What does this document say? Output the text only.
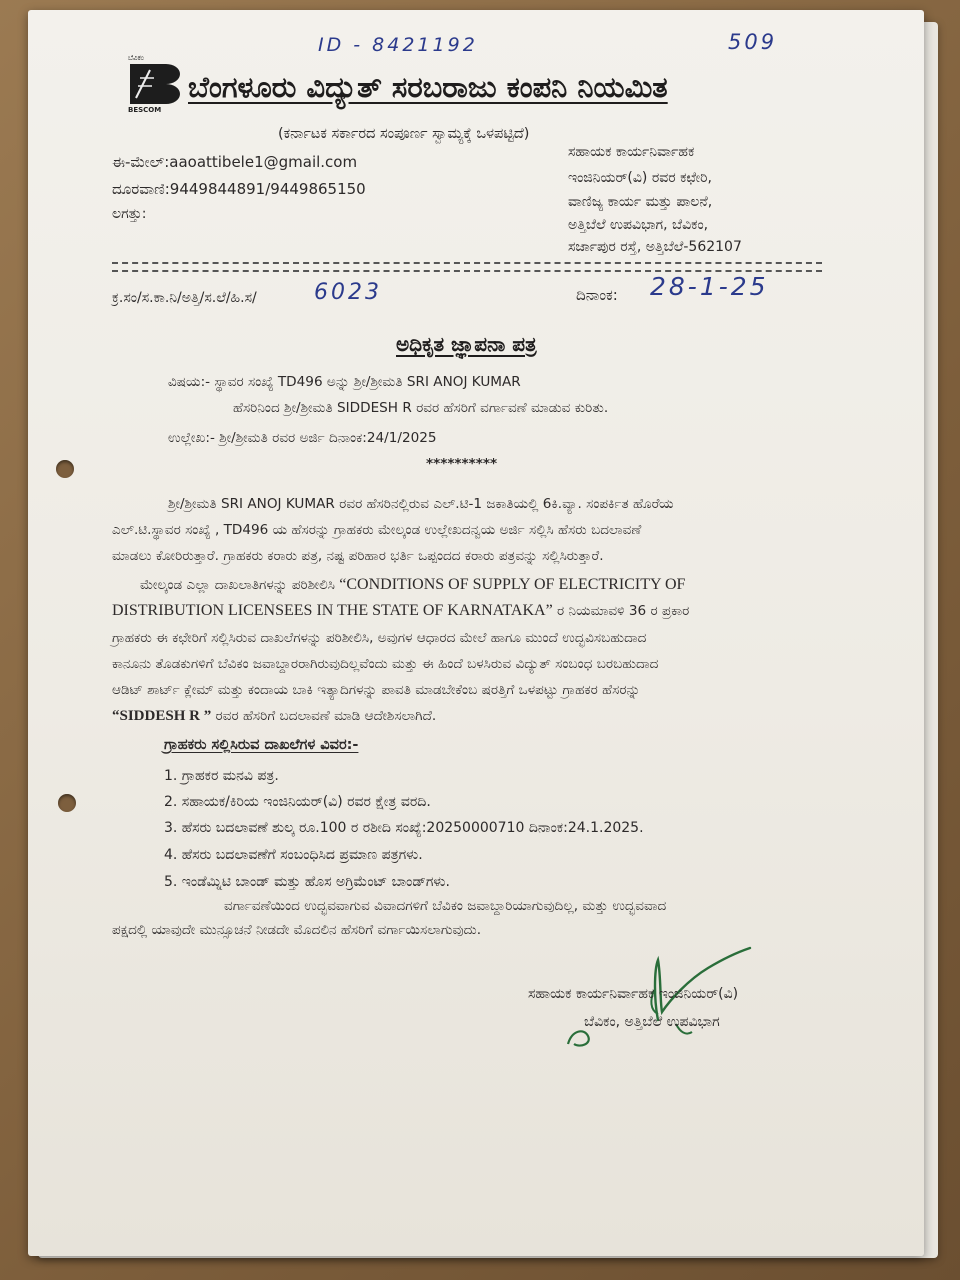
ID - 8421192	509
ಬೆವಿಕಂ
BESCOM
ಬೆಂಗಳೂರು ವಿದ್ಯುತ್ ಸರಬರಾಜು ಕಂಪನಿ ನಿಯಮಿತ
(ಕರ್ನಾಟಕ ಸರ್ಕಾರದ ಸಂಪೂರ್ಣ ಸ್ವಾಮ್ಯಕ್ಕೆ ಒಳಪಟ್ಟಿದೆ)
ಈ-ಮೇಲ್:aaoattibele1@gmail.com
ದೂರವಾಣಿ:9449844891/9449865150
ಲಗತ್ತು:
ಸಹಾಯಕ ಕಾರ್ಯನಿರ್ವಾಹಕ
ಇಂಜಿನಿಯರ್(ವಿ) ರವರ ಕಛೇರಿ,
ವಾಣಿಜ್ಯ ಕಾರ್ಯ ಮತ್ತು ಪಾಲನೆ,
ಅತ್ತಿಬೆಲೆ ಉಪವಿಭಾಗ, ಬೆವಿಕಂ,
ಸರ್ಜಾಪುರ ರಸ್ತೆ, ಅತ್ತಿಬೆಲೆ-562107
ಕ್ರ.ಸಂ/ಸ.ಕಾ.ನಿ/ಅತ್ತಿ/ಸ.ಲೆ/ಹಿ.ಸ/	6023	ದಿನಾಂಕ: 28-1-25
ಅಧಿಕೃತ ಜ್ಞಾಪನಾ ಪತ್ರ
ವಿಷಯ:- ಸ್ಥಾವರ ಸಂಖ್ಯೆ TD496 ಅನ್ನು ಶ್ರೀ/ಶ್ರೀಮತಿ SRI ANOJ KUMAR
ಹೆಸರಿನಿಂದ ಶ್ರೀ/ಶ್ರೀಮತಿ SIDDESH R ರವರ ಹೆಸರಿಗೆ ವರ್ಗಾವಣೆ ಮಾಡುವ ಕುರಿತು.
ಉಲ್ಲೇಖ:- ಶ್ರೀ/ಶ್ರೀಮತಿ ರವರ ಅರ್ಜಿ ದಿನಾಂಕ:24/1/2025
**********
ಶ್ರೀ/ಶ್ರೀಮತಿ SRI ANOJ KUMAR ರವರ ಹೆಸರಿನಲ್ಲಿರುವ ಎಲ್.ಟಿ-1 ಜಕಾತಿಯಲ್ಲಿ 6ಕಿ.ವ್ಯಾ. ಸಂಪರ್ಕಿತ ಹೊರೆಯ
ಎಲ್.ಟಿ.ಸ್ಥಾವರ ಸಂಖ್ಯೆ , TD496 ಯ ಹೆಸರನ್ನು ಗ್ರಾಹಕರು ಮೇಲ್ಕಂಡ ಉಲ್ಲೇಖದನ್ವಯ ಅರ್ಜಿ ಸಲ್ಲಿಸಿ ಹೆಸರು ಬದಲಾವಣೆ
ಮಾಡಲು ಕೋರಿರುತ್ತಾರೆ. ಗ್ರಾಹಕರು ಕರಾರು ಪತ್ರ, ನಷ್ಟ ಪರಿಹಾರ ಭರ್ತಿ ಒಪ್ಪಂದದ ಕರಾರು ಪತ್ರವನ್ನು ಸಲ್ಲಿಸಿರುತ್ತಾರೆ.
ಮೇಲ್ಕಂಡ ಎಲ್ಲಾ ದಾಖಲಾತಿಗಳನ್ನು ಪರಿಶೀಲಿಸಿ “CONDITIONS OF SUPPLY OF ELECTRICITY OF
DISTRIBUTION LICENSEES IN THE STATE OF KARNATAKA” ರ ನಿಯಮಾವಳಿ 36 ರ ಪ್ರಕಾರ
ಗ್ರಾಹಕರು ಈ ಕಛೇರಿಗೆ ಸಲ್ಲಿಸಿರುವ ದಾಖಲೆಗಳನ್ನು ಪರಿಶೀಲಿಸಿ, ಅವುಗಳ ಆಧಾರದ ಮೇಲೆ ಹಾಗೂ ಮುಂದೆ ಉದ್ಭವಿಸಬಹುದಾದ
ಕಾನೂನು ತೊಡಕುಗಳಿಗೆ ಬೆವಿಕಂ ಜವಾಬ್ದಾರರಾಗಿರುವುದಿಲ್ಲವೆಂದು ಮತ್ತು ಈ ಹಿಂದೆ ಬಳಸಿರುವ ವಿದ್ಯುತ್ ಸಂಬಂಧ ಬರಬಹುದಾದ
ಆಡಿಟ್ ಶಾರ್ಟ್ ಕ್ಲೇಮ್ ಮತ್ತು ಕಂದಾಯ ಬಾಕಿ ಇತ್ಯಾದಿಗಳನ್ನು ಪಾವತಿ ಮಾಡಬೇಕೆಂಬ ಷರತ್ತಿಗೆ ಒಳಪಟ್ಟು ಗ್ರಾಹಕರ ಹೆಸರನ್ನು
“SIDDESH R ” ರವರ ಹೆಸರಿಗೆ ಬದಲಾವಣೆ ಮಾಡಿ ಆದೇಶಿಸಲಾಗಿದೆ.
ಗ್ರಾಹಕರು ಸಲ್ಲಿಸಿರುವ ದಾಖಲೆಗಳ ವಿವರ:-
1. ಗ್ರಾಹಕರ ಮನವಿ ಪತ್ರ.
2. ಸಹಾಯಕ/ಕಿರಿಯ ಇಂಜಿನಿಯರ್(ವಿ) ರವರ ಕ್ಷೇತ್ರ ವರದಿ.
3. ಹೆಸರು ಬದಲಾವಣೆ ಶುಲ್ಕ ರೂ.100 ರ ರಶೀದಿ ಸಂಖ್ಯೆ:20250000710 ದಿನಾಂಕ:24.1.2025.
4. ಹೆಸರು ಬದಲಾವಣೆಗೆ ಸಂಬಂಧಿಸಿದ ಪ್ರಮಾಣ ಪತ್ರಗಳು.
5. ಇಂಡೆಮ್ನಿಟಿ ಬಾಂಡ್ ಮತ್ತು ಹೊಸ ಅಗ್ರಿಮೆಂಟ್ ಬಾಂಡ್‌ಗಳು.
ವರ್ಗಾವಣೆಯಿಂದ ಉದ್ಭವವಾಗುವ ವಿವಾದಗಳಿಗೆ ಬೆವಿಕಂ ಜವಾಬ್ದಾರಿಯಾಗುವುದಿಲ್ಲ, ಮತ್ತು ಉದ್ಭವವಾದ
ಪಕ್ಷದಲ್ಲಿ ಯಾವುದೇ ಮುನ್ಸೂಚನೆ ನೀಡದೇ ಮೊದಲಿನ ಹೆಸರಿಗೆ ವರ್ಗಾಯಿಸಲಾಗುವುದು.
ಸಹಾಯಕ ಕಾರ್ಯನಿರ್ವಾಹಕ ಇಂಜಿನಿಯರ್(ವಿ)
ಬೆವಿಕಂ, ಅತ್ತಿಬೆಲೆ ಉಪವಿಭಾಗ
